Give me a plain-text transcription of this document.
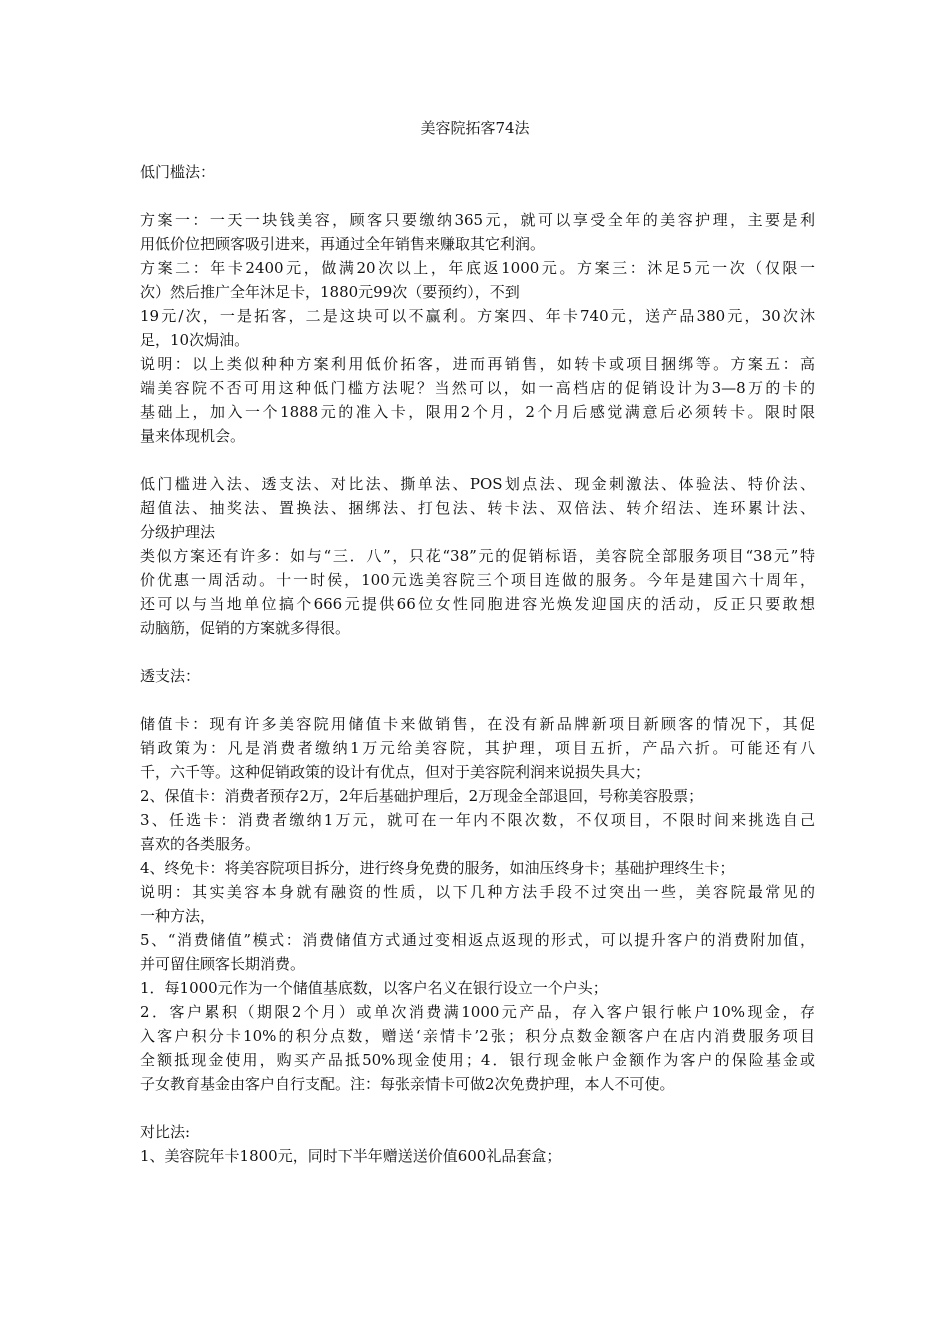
美容院拓客74法
低门槛法：
方案一：一天一块钱美容，顾客只要缴纳365元，就可以享受全年的美容护理，主要是利
用低价位把顾客吸引进来，再通过全年销售来赚取其它利润。
方案二：年卡2400元，做满20次以上，年底返1000元。方案三：沐足5元一次（仅限一
次）然后推广全年沐足卡，1880元99次（要预约），不到
19元/次，一是拓客，二是这块可以不赢利。方案四、年卡740元，送产品380元，30次沐
足，10次焗油。
说明：以上类似种种方案利用低价拓客，进而再销售，如转卡或项目捆绑等。方案五：高
端美容院不否可用这种低门槛方法呢？当然可以，如一高档店的促销设计为3—8万的卡的
基础上，加入一个1888元的准入卡，限用2个月，2个月后感觉满意后必须转卡。限时限
量来体现机会。
低门槛进入法、透支法、对比法、撕单法、POS划点法、现金刺激法、体验法、特价法、
超值法、抽奖法、置换法、捆绑法、打包法、转卡法、双倍法、转介绍法、连环累计法、
分级护理法
类似方案还有许多：如与“三．八”，只花“38”元的促销标语，美容院全部服务项目“38元”特
价优惠一周活动。十一时侯，100元选美容院三个项目连做的服务。今年是建国六十周年，
还可以与当地单位搞个666元提供66位女性同胞进容光焕发迎国庆的活动，反正只要敢想
动脑筋，促销的方案就多得很。
透支法：
储值卡：现有许多美容院用储值卡来做销售，在没有新品牌新项目新顾客的情况下，其促
销政策为：凡是消费者缴纳1万元给美容院，其护理，项目五折，产品六折。可能还有八
千，六千等。这种促销政策的设计有优点，但对于美容院利润来说损失具大；
2、保值卡：消费者预存2万，2年后基础护理后，2万现金全部退回，号称美容股票；
3、任选卡：消费者缴纳1万元，就可在一年内不限次数，不仅项目，不限时间来挑选自己
喜欢的各类服务。
4、终免卡：将美容院项目拆分，进行终身免费的服务，如油压终身卡；基础护理终生卡；
说明：其实美容本身就有融资的性质，以下几种方法手段不过突出一些，美容院最常见的
一种方法，
5、“消费储值”模式：消费储值方式通过变相返点返现的形式，可以提升客户的消费附加值，
并可留住顾客长期消费。
1．每1000元作为一个储值基底数，以客户名义在银行设立一个户头；
2．客户累积（期限2个月）或单次消费满1000元产品，存入客户银行帐户10%现金，存
入客户积分卡10%的积分点数，赠送‘亲情卡’2张；积分点数金额客户在店内消费服务项目
全额抵现金使用，购买产品抵50%现金使用；4．银行现金帐户金额作为客户的保险基金或
子女教育基金由客户自行支配。注：每张亲情卡可做2次免费护理，本人不可使。
对比法:
1、美容院年卡1800元，同时下半年赠送送价值600礼品套盒；
